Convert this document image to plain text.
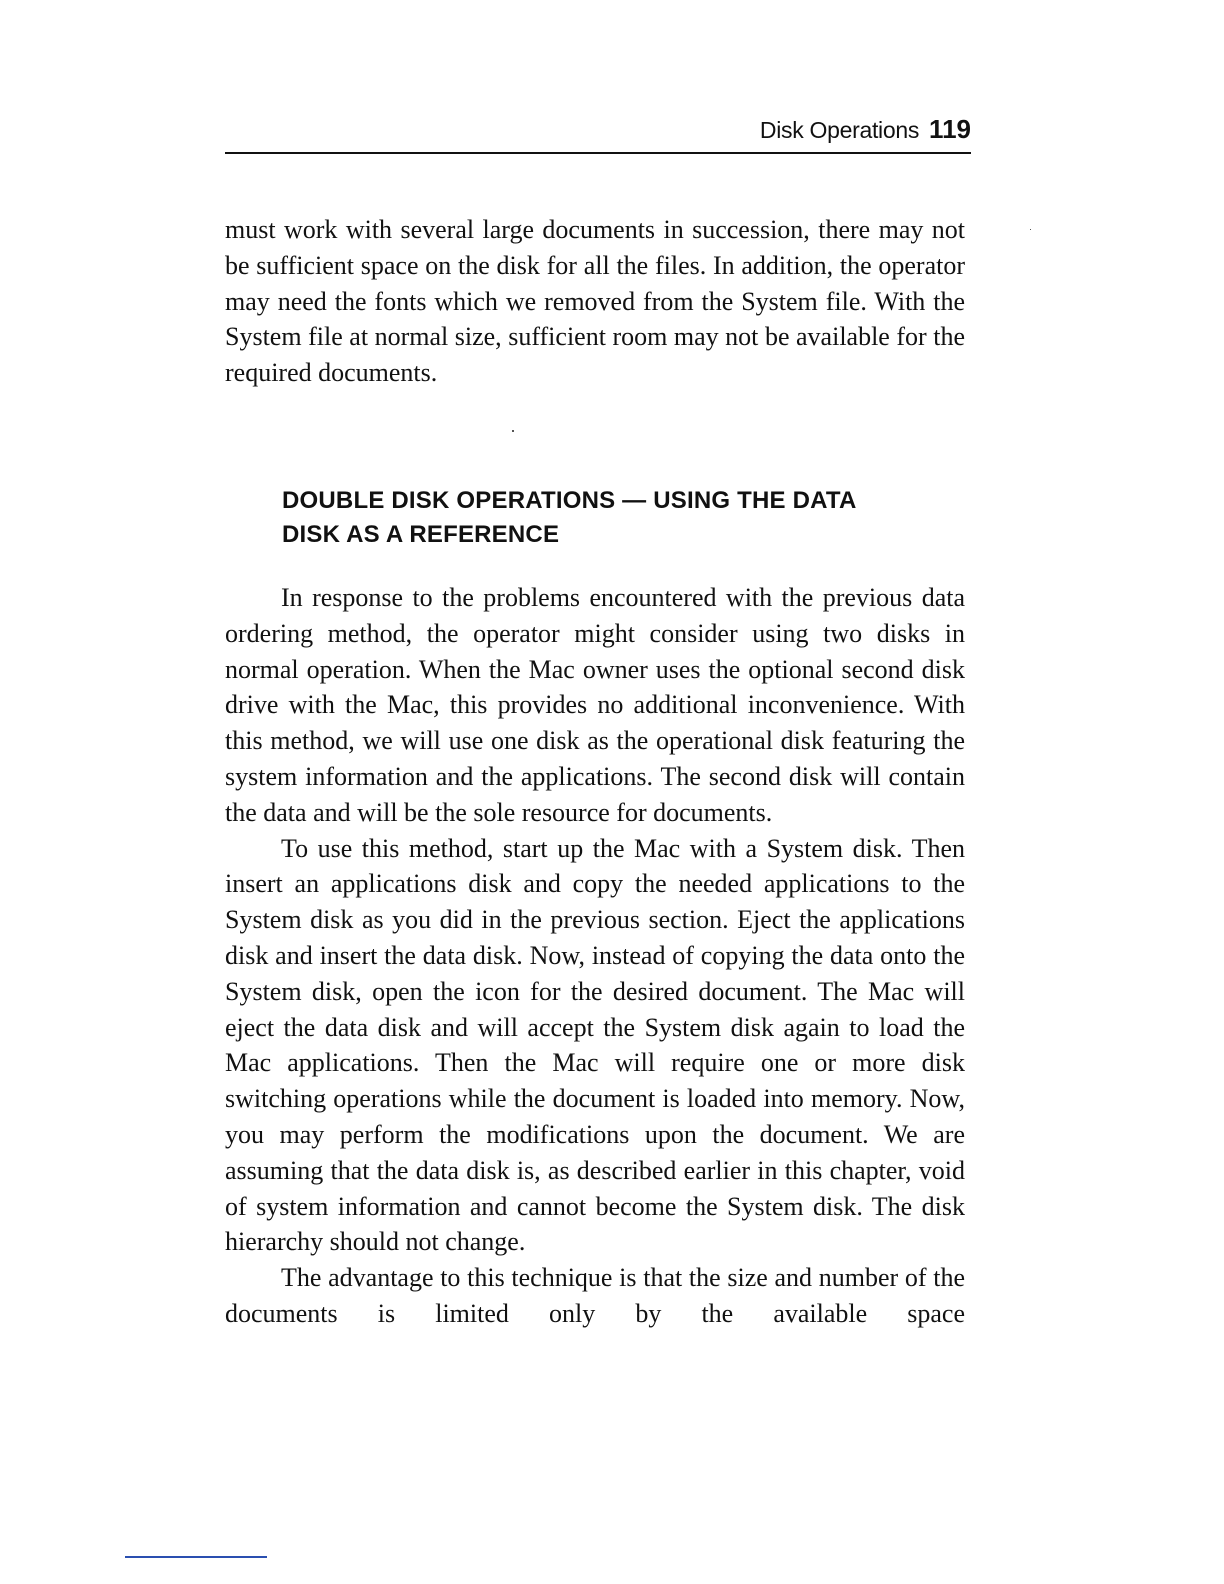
Disk Operations 119

must work with several large documents in succession, there may not be sufficient space on the disk for all the files. In addition, the operator may need the fonts which we removed from the System file. With the System file at normal size, sufficient room may not be available for the required documents.

DOUBLE DISK OPERATIONS — USING THE DATA
DISK AS A REFERENCE

In response to the problems encountered with the previous data ordering method, the operator might consider using two disks in normal operation. When the Mac owner uses the optional second disk drive with the Mac, this provides no additional inconvenience. With this method, we will use one disk as the operational disk featuring the system information and the applications. The second disk will contain the data and will be the sole resource for documents.

To use this method, start up the Mac with a System disk. Then insert an applications disk and copy the needed applications to the System disk as you did in the previous section. Eject the applications disk and insert the data disk. Now, instead of copying the data onto the System disk, open the icon for the desired document. The Mac will eject the data disk and will accept the System disk again to load the Mac applications. Then the Mac will require one or more disk switching operations while the document is loaded into memory. Now, you may perform the modifications upon the document. We are assuming that the data disk is, as described earlier in this chapter, void of system information and cannot become the System disk. The disk hierarchy should not change.

The advantage to this technique is that the size and number of the documents is limited only by the available space
